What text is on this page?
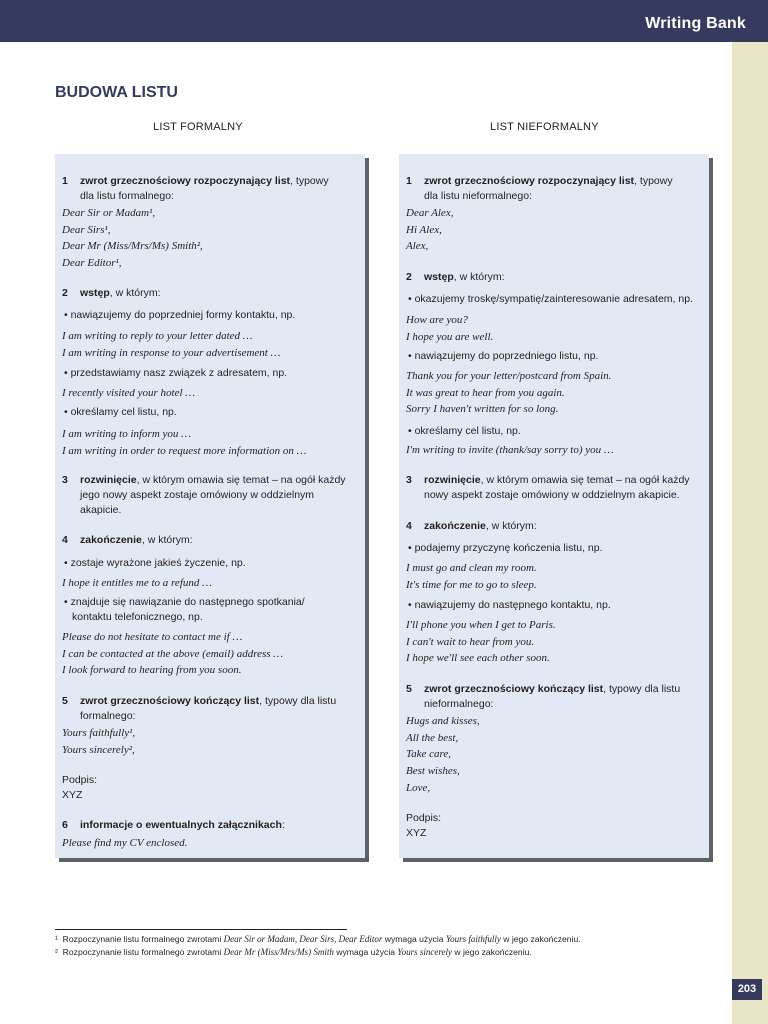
Writing Bank
203
BUDOWA LISTU
LIST FORMALNY	LIST NIEFORMALNY
1 zwrot grzecznościowy rozpoczynający list, typowy
dla listu formalnego:
Dear Sir or Madam¹,
Dear Sirs¹,
Dear Mr (Miss/Mrs/Ms) Smith²,
Dear Editor¹,
2 wstęp, w którym:
• nawiązujemy do poprzedniej formy kontaktu, np.
I am writing to reply to your letter dated …
I am writing in response to your advertisement …
• przedstawiamy nasz związek z adresatem, np.
I recently visited your hotel …
• określamy cel listu, np.
I am writing to inform you …
I am writing in order to request more information on …
3 rozwinięcie, w którym omawia się temat – na ogół każdy
jego nowy aspekt zostaje omówiony w oddzielnym
akapicie.
4 zakończenie, w którym:
• zostaje wyrażone jakieś życzenie, np.
I hope it entitles me to a refund …
• znajduje się nawiązanie do następnego spotkania/
kontaktu telefonicznego, np.
Please do not hesitate to contact me if …
I can be contacted at the above (email) address …
I look forward to hearing from you soon.
5 zwrot grzecznościowy kończący list, typowy dla listu
formalnego:
Yours faithfully¹,
Yours sincerely²,
Podpis:
XYZ
6 informacje o ewentualnych załącznikach:
Please find my CV enclosed.
1 zwrot grzecznościowy rozpoczynający list, typowy
dla listu nieformalnego:
Dear Alex,
Hi Alex,
Alex,
2 wstęp, w którym:
• okazujemy troskę/sympatię/zainteresowanie adresatem, np.
How are you?
I hope you are well.
• nawiązujemy do poprzedniego listu, np.
Thank you for your letter/postcard from Spain.
It was great to hear from you again.
Sorry I haven't written for so long.
• określamy cel listu, np.
I'm writing to invite (thank/say sorry to) you …
3 rozwinięcie, w którym omawia się temat – na ogół każdy
nowy aspekt zostaje omówiony w oddzielnym akapicie.
4 zakończenie, w którym:
• podajemy przyczynę kończenia listu, np.
I must go and clean my room.
It's time for me to go to sleep.
• nawiązujemy do następnego kontaktu, np.
I'll phone you when I get to Paris.
I can't wait to hear from you.
I hope we'll see each other soon.
5 zwrot grzecznościowy kończący list, typowy dla listu
nieformalnego:
Hugs and kisses,
All the best,
Take care,
Best wishes,
Love,
Podpis:
XYZ
¹ Rozpoczynanie listu formalnego zwrotami Dear Sir or Madam, Dear Sirs, Dear Editor wymaga użycia Yours faithfully w jego zakończeniu.
² Rozpoczynanie listu formalnego zwrotami Dear Mr (Miss/Mrs/Ms) Smith wymaga użycia Yours sincerely w jego zakończeniu.
